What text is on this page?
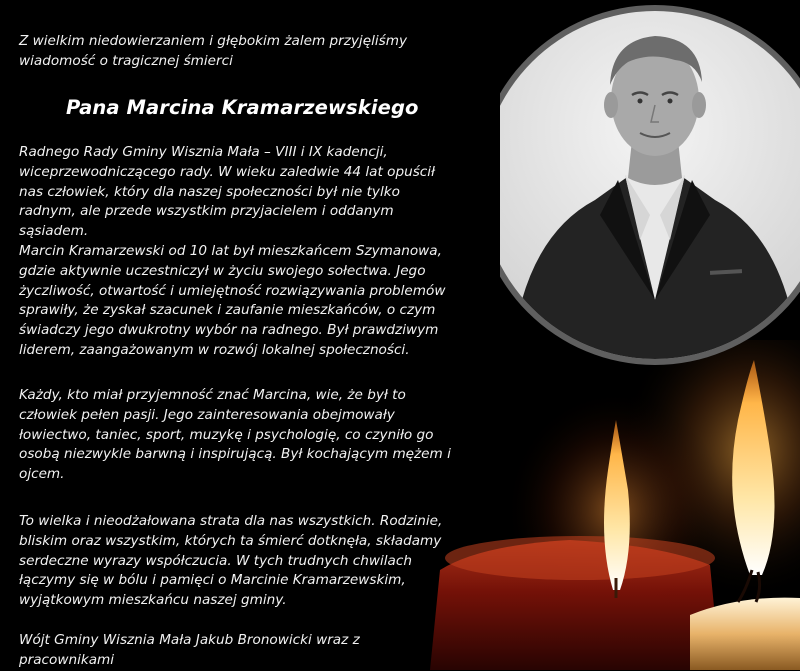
Z wielkim niedowierzaniem i głębokim żalem przyjęliśmy wiadomość o tragicznej śmierci

Pana Marcina Kramarzewskiego

Radnego Rady Gminy Wisznia Mała – VIII i IX kadencji, wiceprzewodniczącego rady. W wieku zaledwie 44 lat opuścił nas człowiek, który dla naszej społeczności był nie tylko radnym, ale przede wszystkim przyjacielem i oddanym sąsiadem.

Marcin Kramarzewski od 10 lat był mieszkańcem Szymanowa, gdzie aktywnie uczestniczył w życiu swojego sołectwa. Jego życzliwość, otwartość i umiejętność rozwiązywania problemów sprawiły, że zyskał szacunek i zaufanie mieszkańców, o czym świadczy jego dwukrotny wybór na radnego. Był prawdziwym liderem, zaangażowanym w rozwój lokalnej społeczności.

Każdy, kto miał przyjemność znać Marcina, wie, że był to człowiek pełen pasji. Jego zainteresowania obejmowały łowiectwo, taniec, sport, muzykę i psychologię, co czyniło go osobą niezwykle barwną i inspirującą. Był kochającym mężem i ojcem.

To wielka i nieodżałowana strata dla nas wszystkich. Rodzinie, bliskim oraz wszystkim, których ta śmierć dotknęła, składamy serdeczne wyrazy współczucia. W tych trudnych chwilach łączymy się w bólu i pamięci o Marcinie Kramarzewskim, wyjątkowym mieszkańcu naszej gminy.

Wójt Gminy Wisznia Mała Jakub Bronowicki wraz z pracownikami
